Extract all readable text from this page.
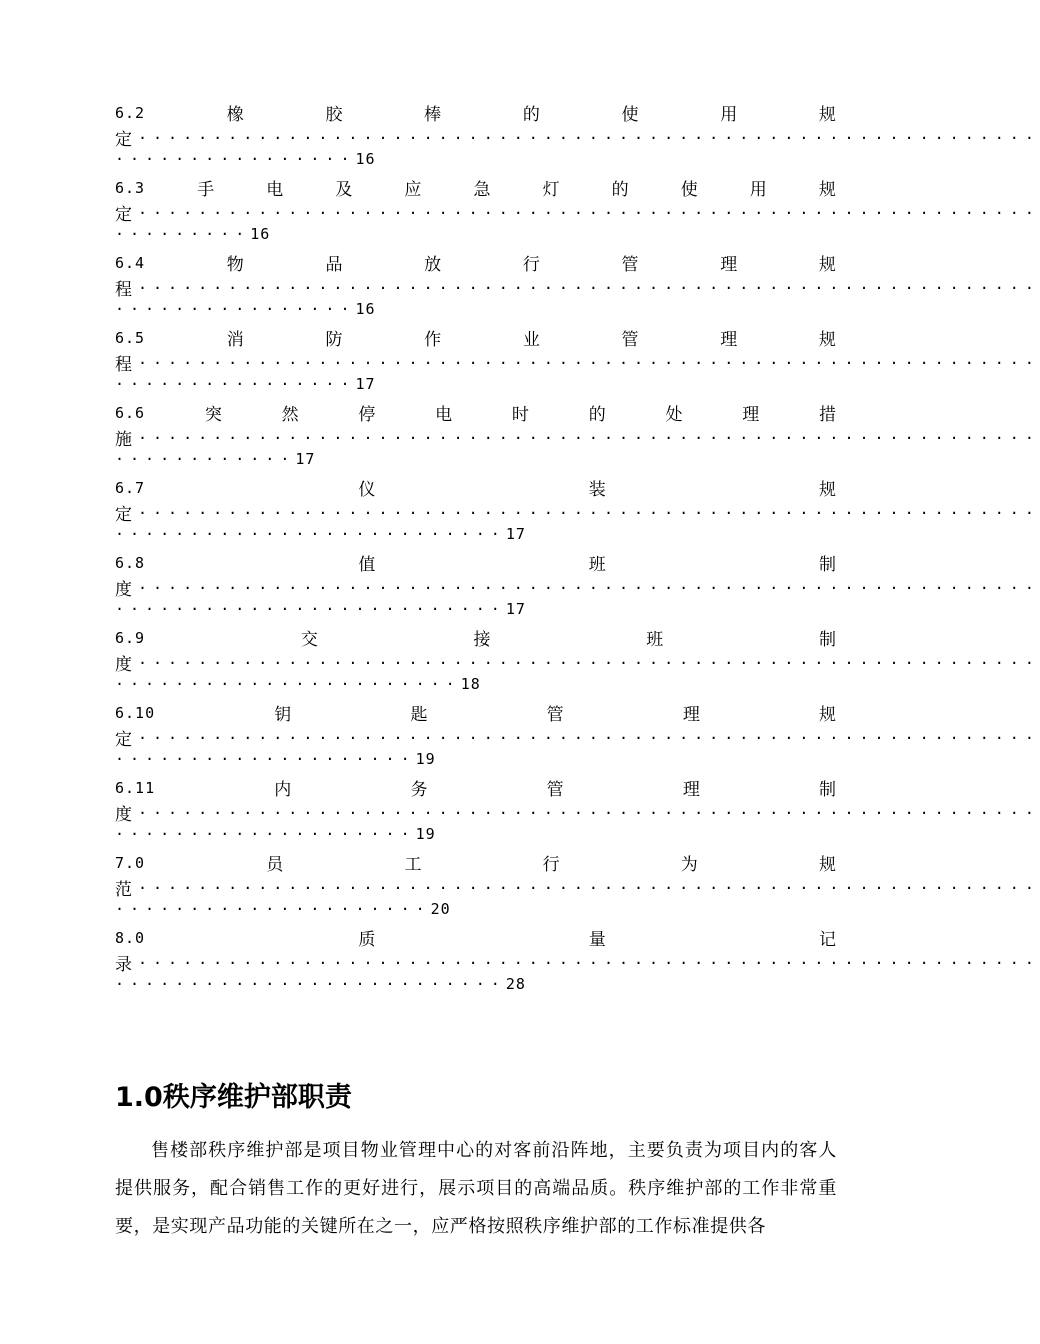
6.2	橡	胶	棒	的	使	用	规
定 ····························································
················16
6.3	手	电	及	应	急	灯	的	使	用	规
定 ····························································
·········16
6.4	物	品	放	行	管	理	规
程 ····························································
················16
6.5	消	防	作	业	管	理	规
程 ····························································
················17
6.6	突	然	停	电	时	的	处	理	措
施 ····························································
············17
6.7	仪	装	规
定 ····························································
··························17
6.8	值	班	制
度 ····························································
··························17
6.9	交	接	班	制
度 ····························································
·······················18
6.10	钥	匙	管	理	规
定 ····························································
····················19
6.11	内	务	管	理	制
度 ····························································
····················19
7.0	员	工	行	为	规
范 ····························································
·····················20
8.0	质	量	记
录 ····························································
··························28
1.0秩序维护部职责

售楼部秩序维护部是项目物业管理中心的对客前沿阵地，主要负责为项目内的客人提供服务，配合销售工作的更好进行，展示项目的高端品质。秩序维护部的工作非常重要，是实现产品功能的关键所在之一，应严格按照秩序维护部的工作标准提供各
